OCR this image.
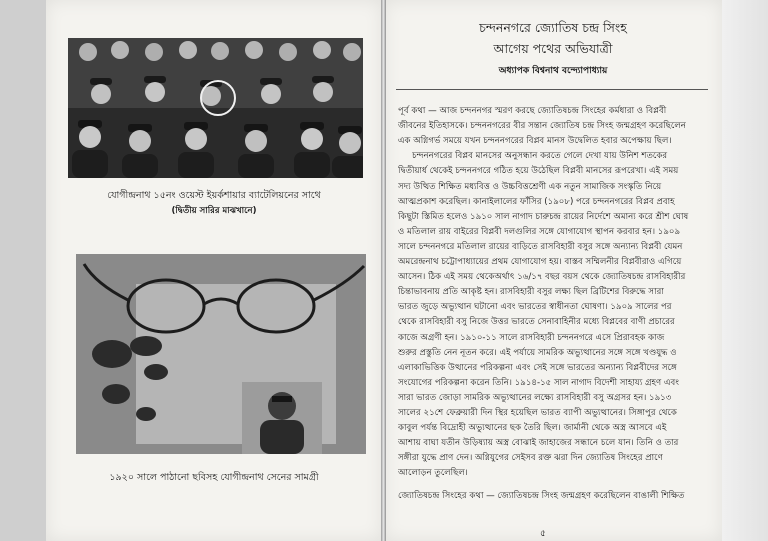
যোগীন্দ্রনাথ ১৫নং ওয়েস্ট ইয়র্কশায়ার ব্যাটেলিয়নের সাথে
(দ্বিতীয় সারির মাঝখানে)
১৯২০ সালে পাঠানো ছবিসহ যোগীন্দ্রনাথ সেনের সামগ্রী
চন্দননগরে জ্যোতিষ চন্দ্র সিংহ
আগেয় পথের অভিযাত্রী
অধ্যাপক বিশ্বনাথ বন্দ্যোপাধ্যায়
পূর্ব কথা — আজ চন্দননগর স্মরণ করছে জ্যোতিষচন্দ্র সিংহের কর্মধারা ও বিপ্লবী
জীবনের ইতিহাসকে। চন্দননগরের বীর সন্তান জ্যোতিষ চন্দ্র সিংহ জন্মগ্রহণ করেছিলেন
এক অগ্নিগর্ভ সময়ে যখন চন্দননগরের বিপ্লব মানস উদ্বেলিত হবার অপেক্ষায় ছিল।
চন্দননগরের বিপ্লব মানসের অনুসন্ধান করতে গেলে দেখা যায় উনিশ শতকের
দ্বিতীয়ার্ধ থেকেই চন্দননগরে গঠিত হয়ে উঠেছিল বিপ্লবী মানসের রূপরেখা। এই সময়
সদ্য উত্থিত শিক্ষিত মধ্যবিত্ত ও উচ্চবিত্তশ্রেণী এক নতুন সামাজিক সংস্কৃতি নিয়ে
আত্মপ্রকাশ করেছিল। কানাইলালের ফাঁসির (১৯০৮) পরে চন্দননগরের বিপ্লব প্রবাহ
কিছুটা স্তিমিত হলেও ১৯১০ সাল নাগাদ চারুচন্দ্র রায়ের নির্দেশে অমান্য করে শ্রীশ ঘোষ
ও মতিলাল রায় বাইরের বিপ্লবী দলগুলির সঙ্গে যোগাযোগ স্থাপন করবার হন। ১৯০৯
সালে চন্দননগরে মতিলাল রায়ের বাড়িতে রাসবিহারী বসুর সঙ্গে অন্যান্য বিপ্লবী যেমন
অমরেন্দ্রনাথ চট্টোপাধ্যায়ের প্রথম যোগাযোগ হয়। বাস্তব সম্মিলনীর বিপ্লবীরাও এগিয়ে
আসেন। ঠিক এই সময় থেকেঅর্থাৎ ১৬/১৭ বছর বয়স থেকে জ্যোতিষচন্দ্র রাসবিহারীর
চিন্তাভাবনায় প্রতি আকৃষ্ট হন। রাসবিহারী বসুর লক্ষ্য ছিল ব্রিটিশের বিরুদ্ধে সারা
ভারত জুড়ে অভ্যুত্থান ঘটানো এবং ভারতের স্বাধীনতা ঘোষণা। ১৯০৯ সালের পর
থেকে রাসবিহারী বসু নিজে উত্তর ভারতে সেনাবাহিনীর মধ্যে বিপ্লবের বাণী প্রচারের
কাজে অগ্রণী হন। ১৯১০-১১ সালে রাসবিহারী চন্দননগরে এসে প্রিরাবহক কাজ
শুরুর প্রস্তুতি নেন নূতন করে। এই পর্যায়ে সামরিক অভ্যুত্থানের সঙ্গে সঙ্গে খণ্ডযুদ্ধ ও
এলাকাভিত্তিক উত্থানের পরিকল্পনা এবং সেই সঙ্গে ভারতের অন্যান্য বিপ্লবীদের সঙ্গে
সংযোগের পরিকল্পনা করেন তিনি। ১৯১৪-১৫ সাল নাগাদ বিদেশী সাহায্য গ্রহণ এবং
সারা ভারত জোড়া সামরিক অভ্যুত্থানের লক্ষ্যে রাসবিহারী বসু অগ্রসর হন। ১৯১৩
সালের ২১শে ফেব্রুয়ারী দিন স্থির হয়েছিল ভারত ব্যাপী অভ্যুত্থানের। সিঙ্গাপুর থেকে
কাবুল পর্যন্ত বিদ্রোহী অভ্যুত্থানের ছক তৈরি ছিল। জার্মানী থেকে অস্ত্র আসবে এই
আশায় বাঘা যতীন উড়িষ্যায় অস্ত্র বোঝাই জাহাজের সন্ধানে চলে যান। তিনি ও তার
সঙ্গীরা যুদ্ধে প্রাণ দেন। অগ্নিযুগের সেইসব রক্ত ঝরা দিন জ্যোতিষ সিংহের প্রাণে
আলোড়ন তুলেছিল।
জ্যোতিষচন্দ্র সিংহের কথা — জ্যোতিষচন্দ্র সিংহ জন্মগ্রহণ করেছিলেন বাঙালী শিক্ষিত
৫
